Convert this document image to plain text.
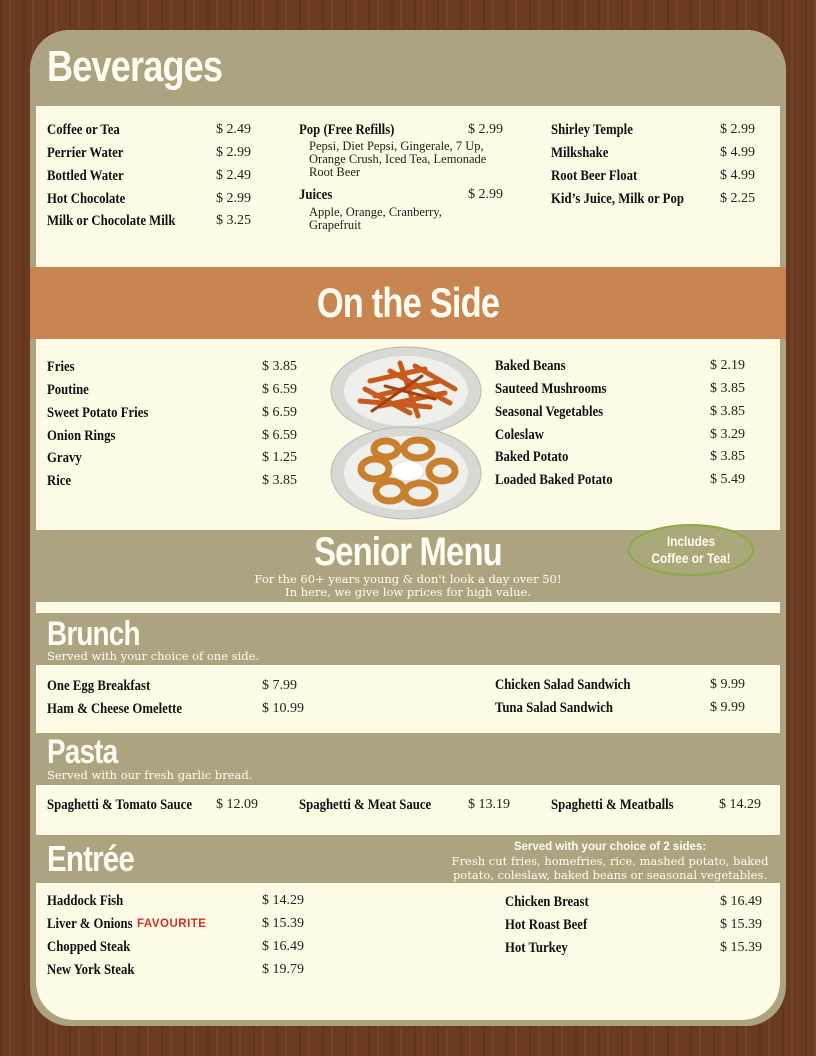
Beverages
Coffee or Tea	$ 2.49
Perrier Water	$ 2.99
Bottled Water	$ 2.49
Hot Chocolate	$ 2.99
Milk or Chocolate Milk	$ 3.25
Pop (Free Refills)	$ 2.99
Pepsi, Diet Pepsi, Gingerale, 7 Up,
Orange Crush, Iced Tea, Lemonade
Root Beer
Juices	$ 2.99
Apple, Orange, Cranberry,
Grapefruit
Shirley Temple	$ 2.99
Milkshake	$ 4.99
Root Beer Float	$ 4.99
Kid’s Juice, Milk or Pop	$ 2.25
On the Side
Fries	$ 3.85
Poutine	$ 6.59
Sweet Potato Fries	$ 6.59
Onion Rings	$ 6.59
Gravy	$ 1.25
Rice	$ 3.85
Baked Beans	$ 2.19
Sauteed Mushrooms	$ 3.85
Seasonal Vegetables	$ 3.85
Coleslaw	$ 3.29
Baked Potato	$ 3.85
Loaded Baked Potato	$ 5.49
Senior Menu
For the 60+ years young & don't look a day over 50!
In here, we give low prices for high value.
Includes
Coffee or Tea!
Brunch
Served with your choice of one side.
One Egg Breakfast	$ 7.99
Ham & Cheese Omelette	$ 10.99
Chicken Salad Sandwich	$ 9.99
Tuna Salad Sandwich	$ 9.99
Pasta
Served with our fresh garlic bread.
Spaghetti & Tomato Sauce $ 12.09	Spaghetti & Meat Sauce	$ 13.19	Spaghetti & Meatballs	$ 14.29
Entrée	Served with your choice of 2 sides:
Fresh cut fries, homefries, rice, mashed potato, baked
potato, coleslaw, baked beans or seasonal vegetables.
Haddock Fish	$ 14.29
Liver & Onions FAVOURITE	$ 15.39
Chopped Steak	$ 16.49
New York Steak	$ 19.79
Chicken Breast	$ 16.49
Hot Roast Beef	$ 15.39
Hot Turkey	$ 15.39
